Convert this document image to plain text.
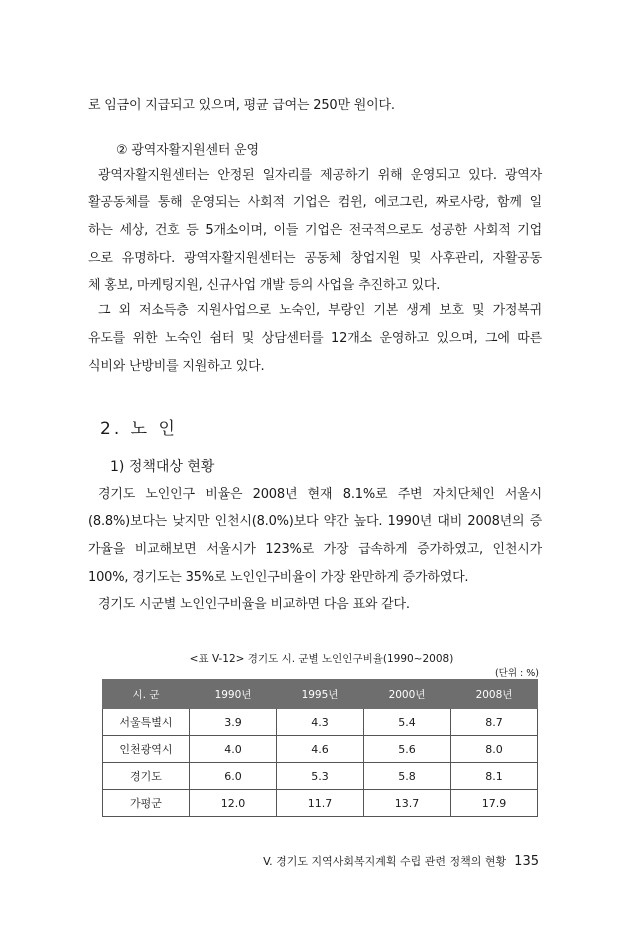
로 임금이 지급되고 있으며, 평균 급여는 250만 원이다.
② 광역자활지원센터 운영
광역자활지원센터는 안정된 일자리를 제공하기 위해 운영되고 있다. 광역자
활공동체를 통해 운영되는 사회적 기업은 컴윈, 에코그린, 짜로사랑, 함께 일
하는 세상, 건호 등 5개소이며, 이들 기업은 전국적으로도 성공한 사회적 기업
으로 유명하다. 광역자활지원센터는 공동체 창업지원 및 사후관리, 자활공동
체 홍보, 마케팅지원, 신규사업 개발 등의 사업을 추진하고 있다.
그 외 저소득층 지원사업으로 노숙인, 부랑인 기본 생계 보호 및 가정복귀
유도를 위한 노숙인 쉼터 및 상담센터를 12개소 운영하고 있으며, 그에 따른
식비와 난방비를 지원하고 있다.
2. 노 인
1) 정책대상 현황
경기도 노인인구 비율은 2008년 현재 8.1%로 주변 자치단체인 서울시
(8.8%)보다는 낮지만 인천시(8.0%)보다 약간 높다. 1990년 대비 2008년의 증
가율을 비교해보면 서울시가 123%로 가장 급속하게 증가하였고, 인천시가
100%, 경기도는 35%로 노인인구비율이 가장 완만하게 증가하였다.
경기도 시군별 노인인구비율을 비교하면 다음 표와 같다.
<표 V-12> 경기도 시. 군별 노인인구비율(1990~2008)
(단위 : %)
시. 군	1990년	1995년	2000년	2008년
서울특별시	3.9	4.3	5.4	8.7
인천광역시	4.0	4.6	5.6	8.0
경기도	6.0	5.3	5.8	8.1
가평군	12.0	11.7	13.7	17.9
V. 경기도 지역사회복지계획 수립 관련 정책의 현황 135
